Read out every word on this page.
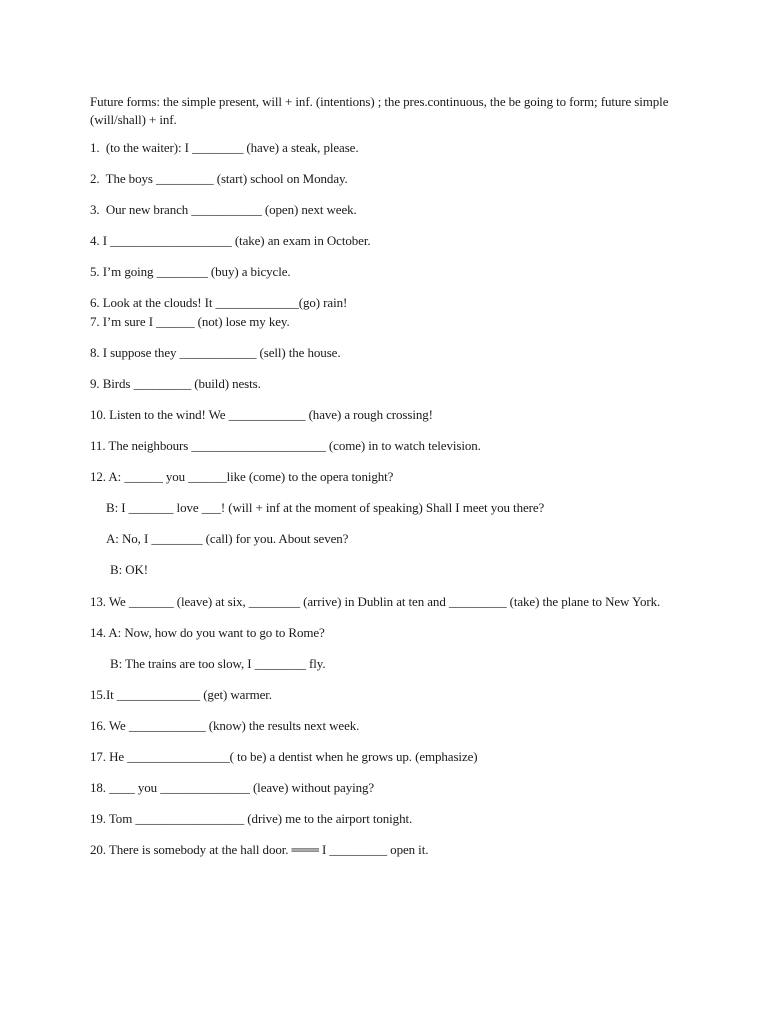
Future forms: the simple present, will + inf. (intentions) ; the pres.continuous, the be going to form; future simple (will/shall) + inf.
1.  (to the waiter): I ________ (have) a steak, please.
2.  The boys _________ (start) school on Monday.
3.  Our new branch ___________ (open) next week.
4. I ___________________ (take) an exam in October.
5. I’m going ________ (buy) a bicycle.
6. Look at the clouds! It _____________(go) rain!
7. I’m sure I ______ (not) lose my key.
8. I suppose they ____________ (sell) the house.
9. Birds _________ (build) nests.
10. Listen to the wind! We ____________ (have) a rough crossing!
11. The neighbours _____________________ (come) in to watch television.
12. A: ______ you ______like (come) to the opera tonight?
B: I _______ love ___! (will + inf at the moment of speaking) Shall I meet you there?
A: No, I ________ (call) for you. About seven?
B: OK!
13. We _______ (leave) at six, ________ (arrive) in Dublin at ten and _________ (take) the plane to New York.
14. A: Now, how do you want to go to Rome?
B: The trains are too slow, I ________ fly.
15.It _____________ (get) warmer.
16. We ____________ (know) the results next week.
17. He ________________( to be) a dentist when he grows up. (emphasize)
18. ____ you ______________ (leave) without paying?
19. Tom _________________ (drive) me to the airport tonight.
20. There is somebody at the hall door. ═══ I _________ open it.
